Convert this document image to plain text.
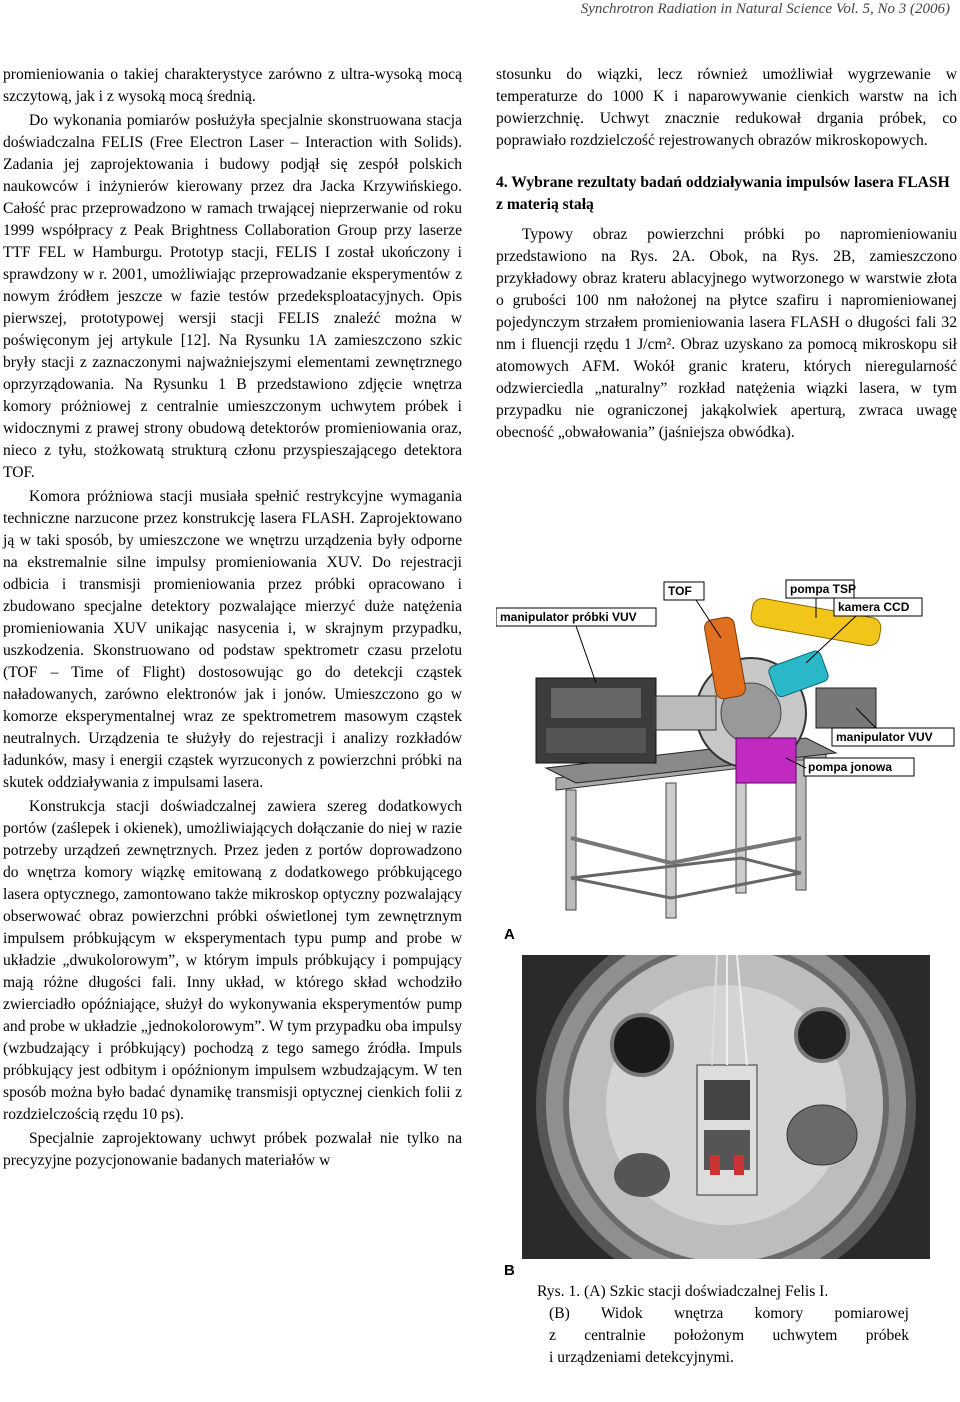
Synchrotron Radiation in Natural Science Vol. 5, No 3 (2006)

promieniowania o takiej charakterystyce zarówno z ultra-wysoką mocą szczytową, jak i z wysoką mocą średnią.

Do wykonania pomiarów posłużyła specjalnie skonstruowana stacja doświadczalna FELIS (Free Electron Laser – Interaction with Solids). Zadania jej zaprojektowania i budowy podjął się zespół polskich naukowców i inżynierów kierowany przez dra Jacka Krzywińskiego. Całość prac przeprowadzono w ramach trwającej nieprzerwanie od roku 1999 współpracy z Peak Brightness Collaboration Group przy laserze TTF FEL w Hamburgu. Prototyp stacji, FELIS I został ukończony i sprawdzony w r. 2001, umożliwiając przeprowadzanie eksperymentów z nowym źródłem jeszcze w fazie testów przedeksploatacyjnych. Opis pierwszej, prototypowej wersji stacji FELIS znaleźć można w poświęconym jej artykule [12]. Na Rysunku 1A zamieszczono szkic bryły stacji z zaznaczonymi najważniejszymi elementami zewnętrznego oprzyrządowania. Na Rysunku 1 B przedstawiono zdjęcie wnętrza komory próżniowej z centralnie umieszczonym uchwytem próbek i widocznymi z prawej strony obudową detektorów promieniowania oraz, nieco z tyłu, stożkowatą strukturą członu przyspieszającego detektora TOF.

Komora próżniowa stacji musiała spełnić restrykcyjne wymagania techniczne narzucone przez konstrukcję lasera FLASH. Zaprojektowano ją w taki sposób, by umieszczone we wnętrzu urządzenia były odporne na ekstremalnie silne impulsy promieniowania XUV. Do rejestracji odbicia i transmisji promieniowania przez próbki opracowano i zbudowano specjalne detektory pozwalające mierzyć duże natężenia promieniowania XUV unikając nasycenia i, w skrajnym przypadku, uszkodzenia. Skonstruowano od podstaw spektrometr czasu przelotu (TOF – Time of Flight) dostosowując go do detekcji cząstek naładowanych, zarówno elektronów jak i jonów. Umieszczono go w komorze eksperymentalnej wraz ze spektrometrem masowym cząstek neutralnych. Urządzenia te służyły do rejestracji i analizy rozkładów ładunków, masy i energii cząstek wyrzuconych z powierzchni próbki na skutek oddziaływania z impulsami lasera.

Konstrukcja stacji doświadczalnej zawiera szereg dodatkowych portów (zaślepek i okienek), umożliwiających dołączanie do niej w razie potrzeby urządzeń zewnętrznych. Przez jeden z portów doprowadzono do wnętrza komory wiązkę emitowaną z dodatkowego próbkującego lasera optycznego, zamontowano także mikroskop optyczny pozwalający obserwować obraz powierzchni próbki oświetlonej tym zewnętrznym impulsem próbkującym w eksperymentach typu pump and probe w układzie „dwukolorowym”, w którym impuls próbkujący i pompujący mają różne długości fali. Inny układ, w którego skład wchodziło zwierciadło opóźniające, służył do wykonywania eksperymentów pump and probe w układzie „jednokolorowym”. W tym przypadku oba impulsy (wzbudzający i próbkujący) pochodzą z tego samego źródła. Impuls próbkujący jest odbitym i opóźnionym impulsem wzbudzającym. W ten sposób można było badać dynamikę transmisji optycznej cienkich folii z rozdzielczością rzędu 10 ps).

Specjalnie zaprojektowany uchwyt próbek pozwalał nie tylko na precyzyjne pozycjonowanie badanych materiałów w

stosunku do wiązki, lecz również umożliwiał wygrzewanie w temperaturze do 1000 K i naparowywanie cienkich warstw na ich powierzchnię. Uchwyt znacznie redukował drgania próbek, co poprawiało rozdzielczość rejestrowanych obrazów mikroskopowych.

4. Wybrane rezultaty badań oddziaływania impulsów lasera FLASH z materią stałą

Typowy obraz powierzchni próbki po napromieniowaniu przedstawiono na Rys. 2A. Obok, na Rys. 2B, zamieszczono przykładowy obraz krateru ablacyjnego wytworzonego w warstwie złota o grubości 100 nm nałożonej na płytce szafiru i napromieniowanej pojedynczym strzałem promieniowania lasera FLASH o długości fali 32 nm i fluencji rzędu 1 J/cm². Obraz uzyskano za pomocą mikroskopu sił atomowych AFM. Wokół granic krateru, których nieregularność odzwierciedla „naturalny” rozkład natężenia wiązki lasera, w tym przypadku nie ograniczonej jakąkolwiek aperturą, zwraca uwagę obecność „obwałowania” (jaśniejsza obwódka).

TOF	pompa TSP
kamera CCD
manipulator próbki VUV
manipulator VUV
pompa jonowa
A
B
Rys. 1. (A) Szkic stacji doświadczalnej Felis I.
(B) Widok wnętrza komory pomiarowej
z centralnie położonym uchwytem próbek
i urządzeniami detekcyjnymi.
